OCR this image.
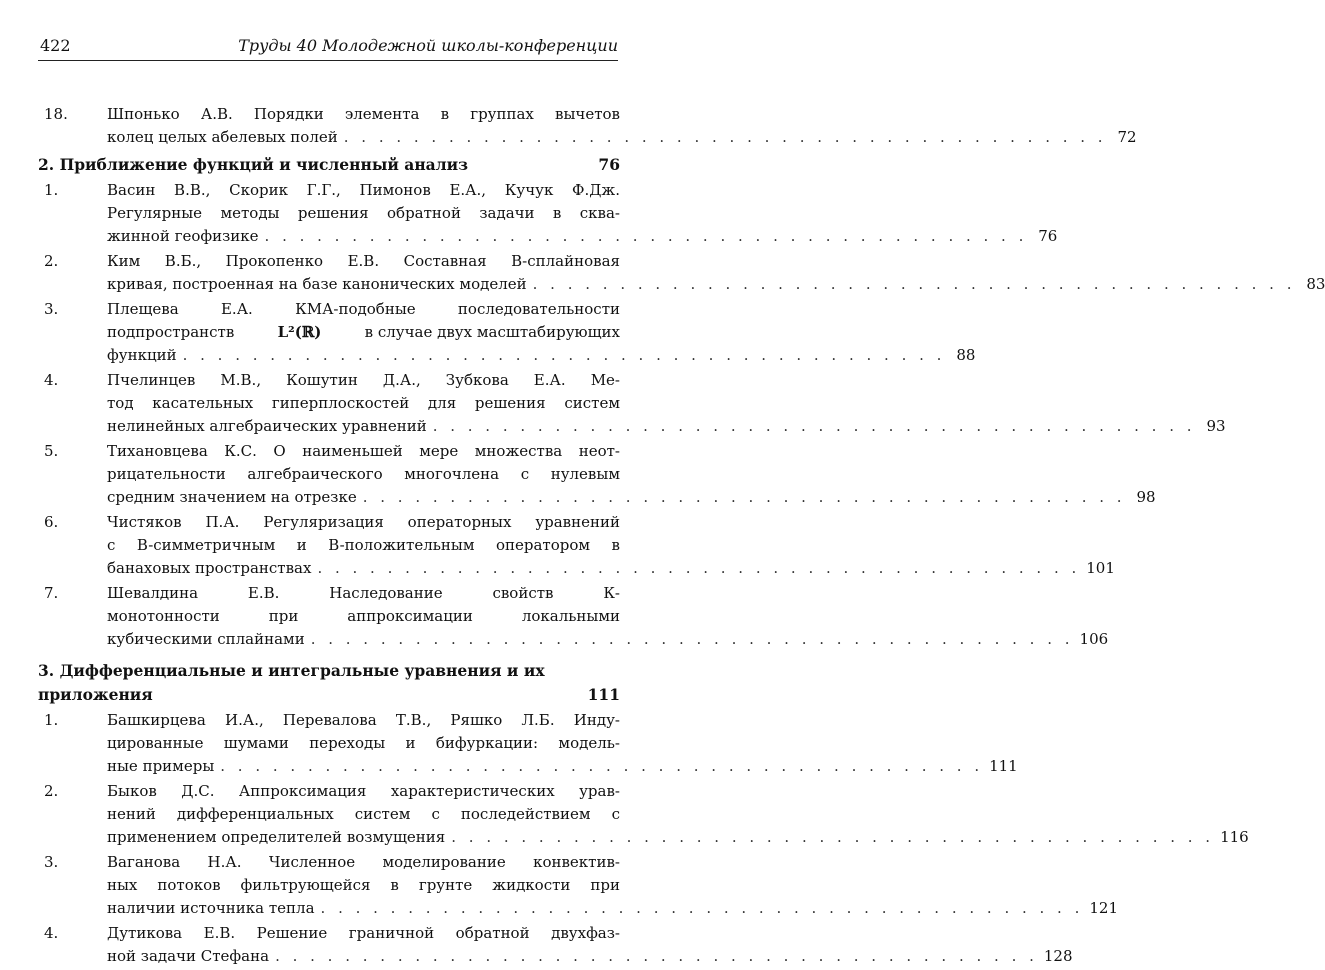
422	Труды 40 Молодежной школы-конференции
18.	Шпонько А.В. Порядки элемента в группах вычетов
колец целых абелевых полей . . . . . . . . . . . . . . . . . . . . . . . . . . . . . . . . . . . . . . . . . . . . 72
2. Приближение функций и численный анализ	76
1.	Васин В.В., Скорик Г.Г., Пимонов Е.А., Кучук Ф.Дж.
Регулярные методы решения обратной задачи в сква-
жинной геофизике . . . . . . . . . . . . . . . . . . . . . . . . . . . . . . . . . . . . . . . . . . . . 76
2.	Ким В.Б., Прокопенко Е.В. Составная В-сплайновая
кривая, построенная на базе канонических моделей . . . . . . . . . . . . . . . . . . . . . . . . . . . . . . . . . . . . . . . . . . . . 83
3.	Плещева Е.А. КМА-подобные последовательности
подпространств	L²(ℝ)	в случае двух масштабирующих
функций . . . . . . . . . . . . . . . . . . . . . . . . . . . . . . . . . . . . . . . . . . . . 88
4.	Пчелинцев М.В., Кошутин Д.А., Зубкова Е.А. Ме-
тод касательных гиперплоскостей для решения систем
нелинейных алгебраических уравнений . . . . . . . . . . . . . . . . . . . . . . . . . . . . . . . . . . . . . . . . . . . . 93
5.	Тихановцева К.С. О наименьшей мере множества неот-
рицательности алгебраического многочлена с нулевым
средним значением на отрезке . . . . . . . . . . . . . . . . . . . . . . . . . . . . . . . . . . . . . . . . . . . . 98
6.	Чистяков П.А. Регуляризация операторных уравнений
с B-симметричным и B-положительным оператором в
банаховых пространствах . . . . . . . . . . . . . . . . . . . . . . . . . . . . . . . . . . . . . . . . . . . . 101
7.	Шевалдина Е.В. Наследование свойств К-
монотонности при аппроксимации локальными
кубическими сплайнами . . . . . . . . . . . . . . . . . . . . . . . . . . . . . . . . . . . . . . . . . . . . 106
3. Дифференциальные и интегральные уравнения и их
приложения	111
1.	Башкирцева И.А., Перевалова Т.В., Ряшко Л.Б. Инду-
цированные шумами переходы и бифуркации: модель-
ные примеры . . . . . . . . . . . . . . . . . . . . . . . . . . . . . . . . . . . . . . . . . . . . 111
2.	Быков Д.С. Аппроксимация характеристических урав-
нений дифференциальных систем с последействием с
применением определителей возмущения . . . . . . . . . . . . . . . . . . . . . . . . . . . . . . . . . . . . . . . . . . . . 116
3.	Ваганова Н.А. Численное моделирование конвектив-
ных потоков фильтрующейся в грунте жидкости при
наличии источника тепла . . . . . . . . . . . . . . . . . . . . . . . . . . . . . . . . . . . . . . . . . . . . 121
4.	Дутикова Е.В. Решение граничной обратной двухфаз-
ной задачи Стефана . . . . . . . . . . . . . . . . . . . . . . . . . . . . . . . . . . . . . . . . . . . . 128
